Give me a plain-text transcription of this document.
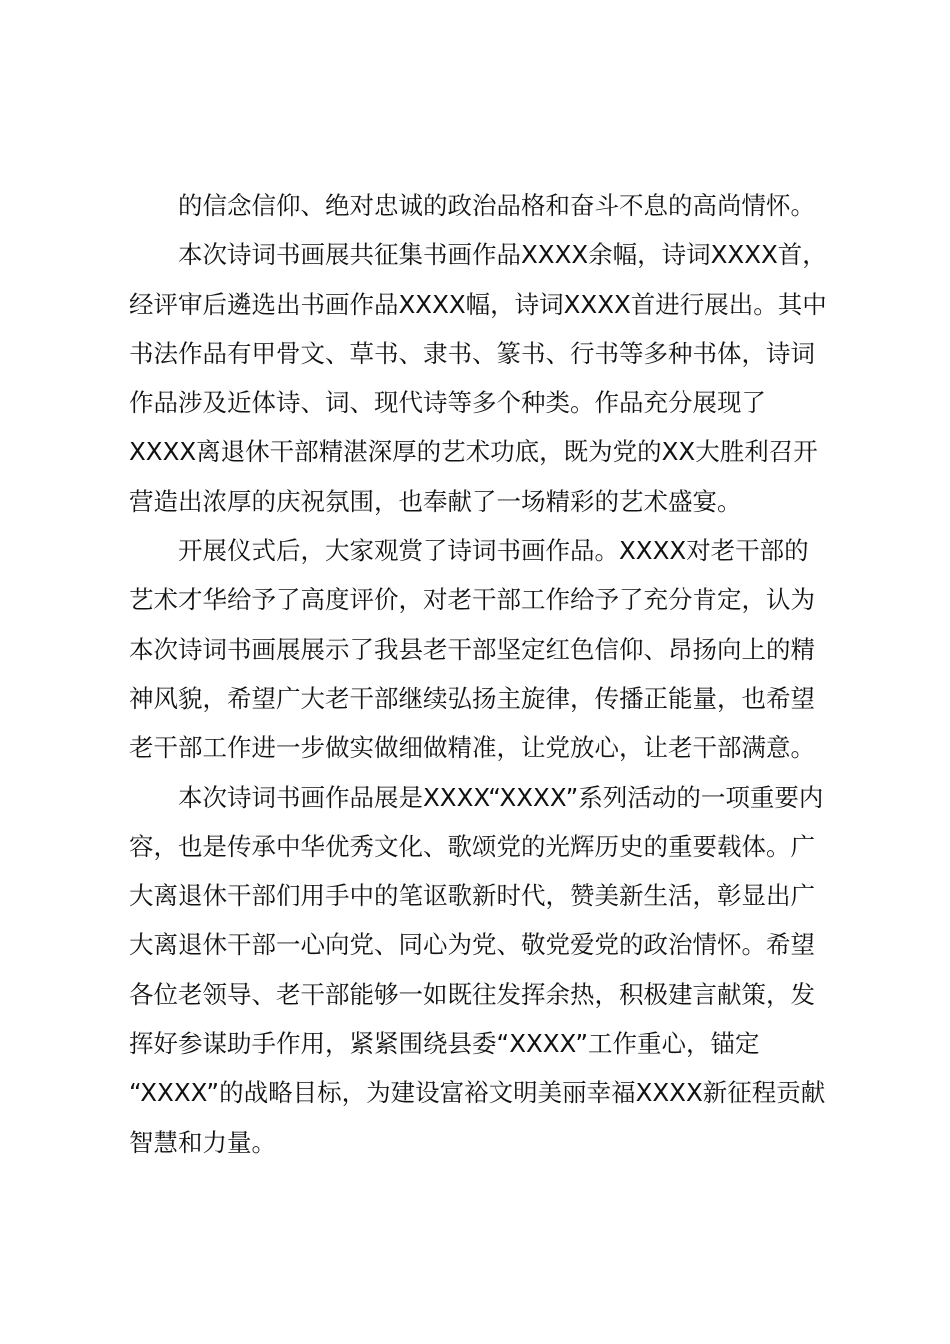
的信念信仰、绝对忠诚的政治品格和奋斗不息的高尚情怀。
本次诗词书画展共征集书画作品XXXX余幅，诗词XXXX首，
经评审后遴选出书画作品XXXX幅，诗词XXXX首进行展出。其中
书法作品有甲骨文、草书、隶书、篆书、行书等多种书体，诗词
作品涉及近体诗、词、现代诗等多个种类。作品充分展现了
XXXX离退休干部精湛深厚的艺术功底，既为党的XX大胜利召开
营造出浓厚的庆祝氛围，也奉献了一场精彩的艺术盛宴。
开展仪式后，大家观赏了诗词书画作品。XXXX对老干部的
艺术才华给予了高度评价，对老干部工作给予了充分肯定，认为
本次诗词书画展展示了我县老干部坚定红色信仰、昂扬向上的精
神风貌，希望广大老干部继续弘扬主旋律，传播正能量，也希望
老干部工作进一步做实做细做精准，让党放心，让老干部满意。
本次诗词书画作品展是XXXX“XXXX”系列活动的一项重要内
容，也是传承中华优秀文化、歌颂党的光辉历史的重要载体。广
大离退休干部们用手中的笔讴歌新时代，赞美新生活，彰显出广
大离退休干部一心向党、同心为党、敬党爱党的政治情怀。希望
各位老领导、老干部能够一如既往发挥余热，积极建言献策，发
挥好参谋助手作用，紧紧围绕县委“XXXX”工作重心，锚定
“XXXX”的战略目标，为建设富裕文明美丽幸福XXXX新征程贡献
智慧和力量。
